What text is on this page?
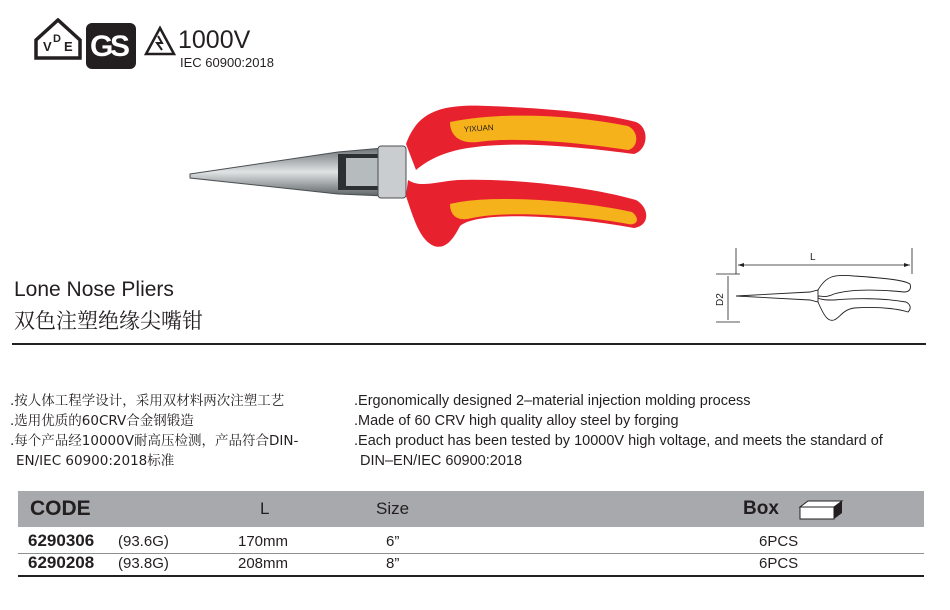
V D E G
S 1000V
IEC 60900:2018
YIXUAN
L
D2
Lone Nose Pliers
双色注塑绝缘尖嘴钳
.按人体工程学设计，采用双材料两次注塑工艺
.选用优质的60CRV合金钢锻造
.每个产品经10000V耐高压检测，产品符合DIN-
EN/IEC 60900:2018标准
.Ergonomically designed 2–material injection molding process
.Made of 60 CRV high quality alloy steel by forging
.Each product has been tested by 10000V high voltage, and meets the standard of
DIN–EN/IEC 60900:2018
CODE	L	Size	Box
6290306 (93.6G)	170mm	6”	6PCS
6290208 (93.8G)	208mm	8”	6PCS
